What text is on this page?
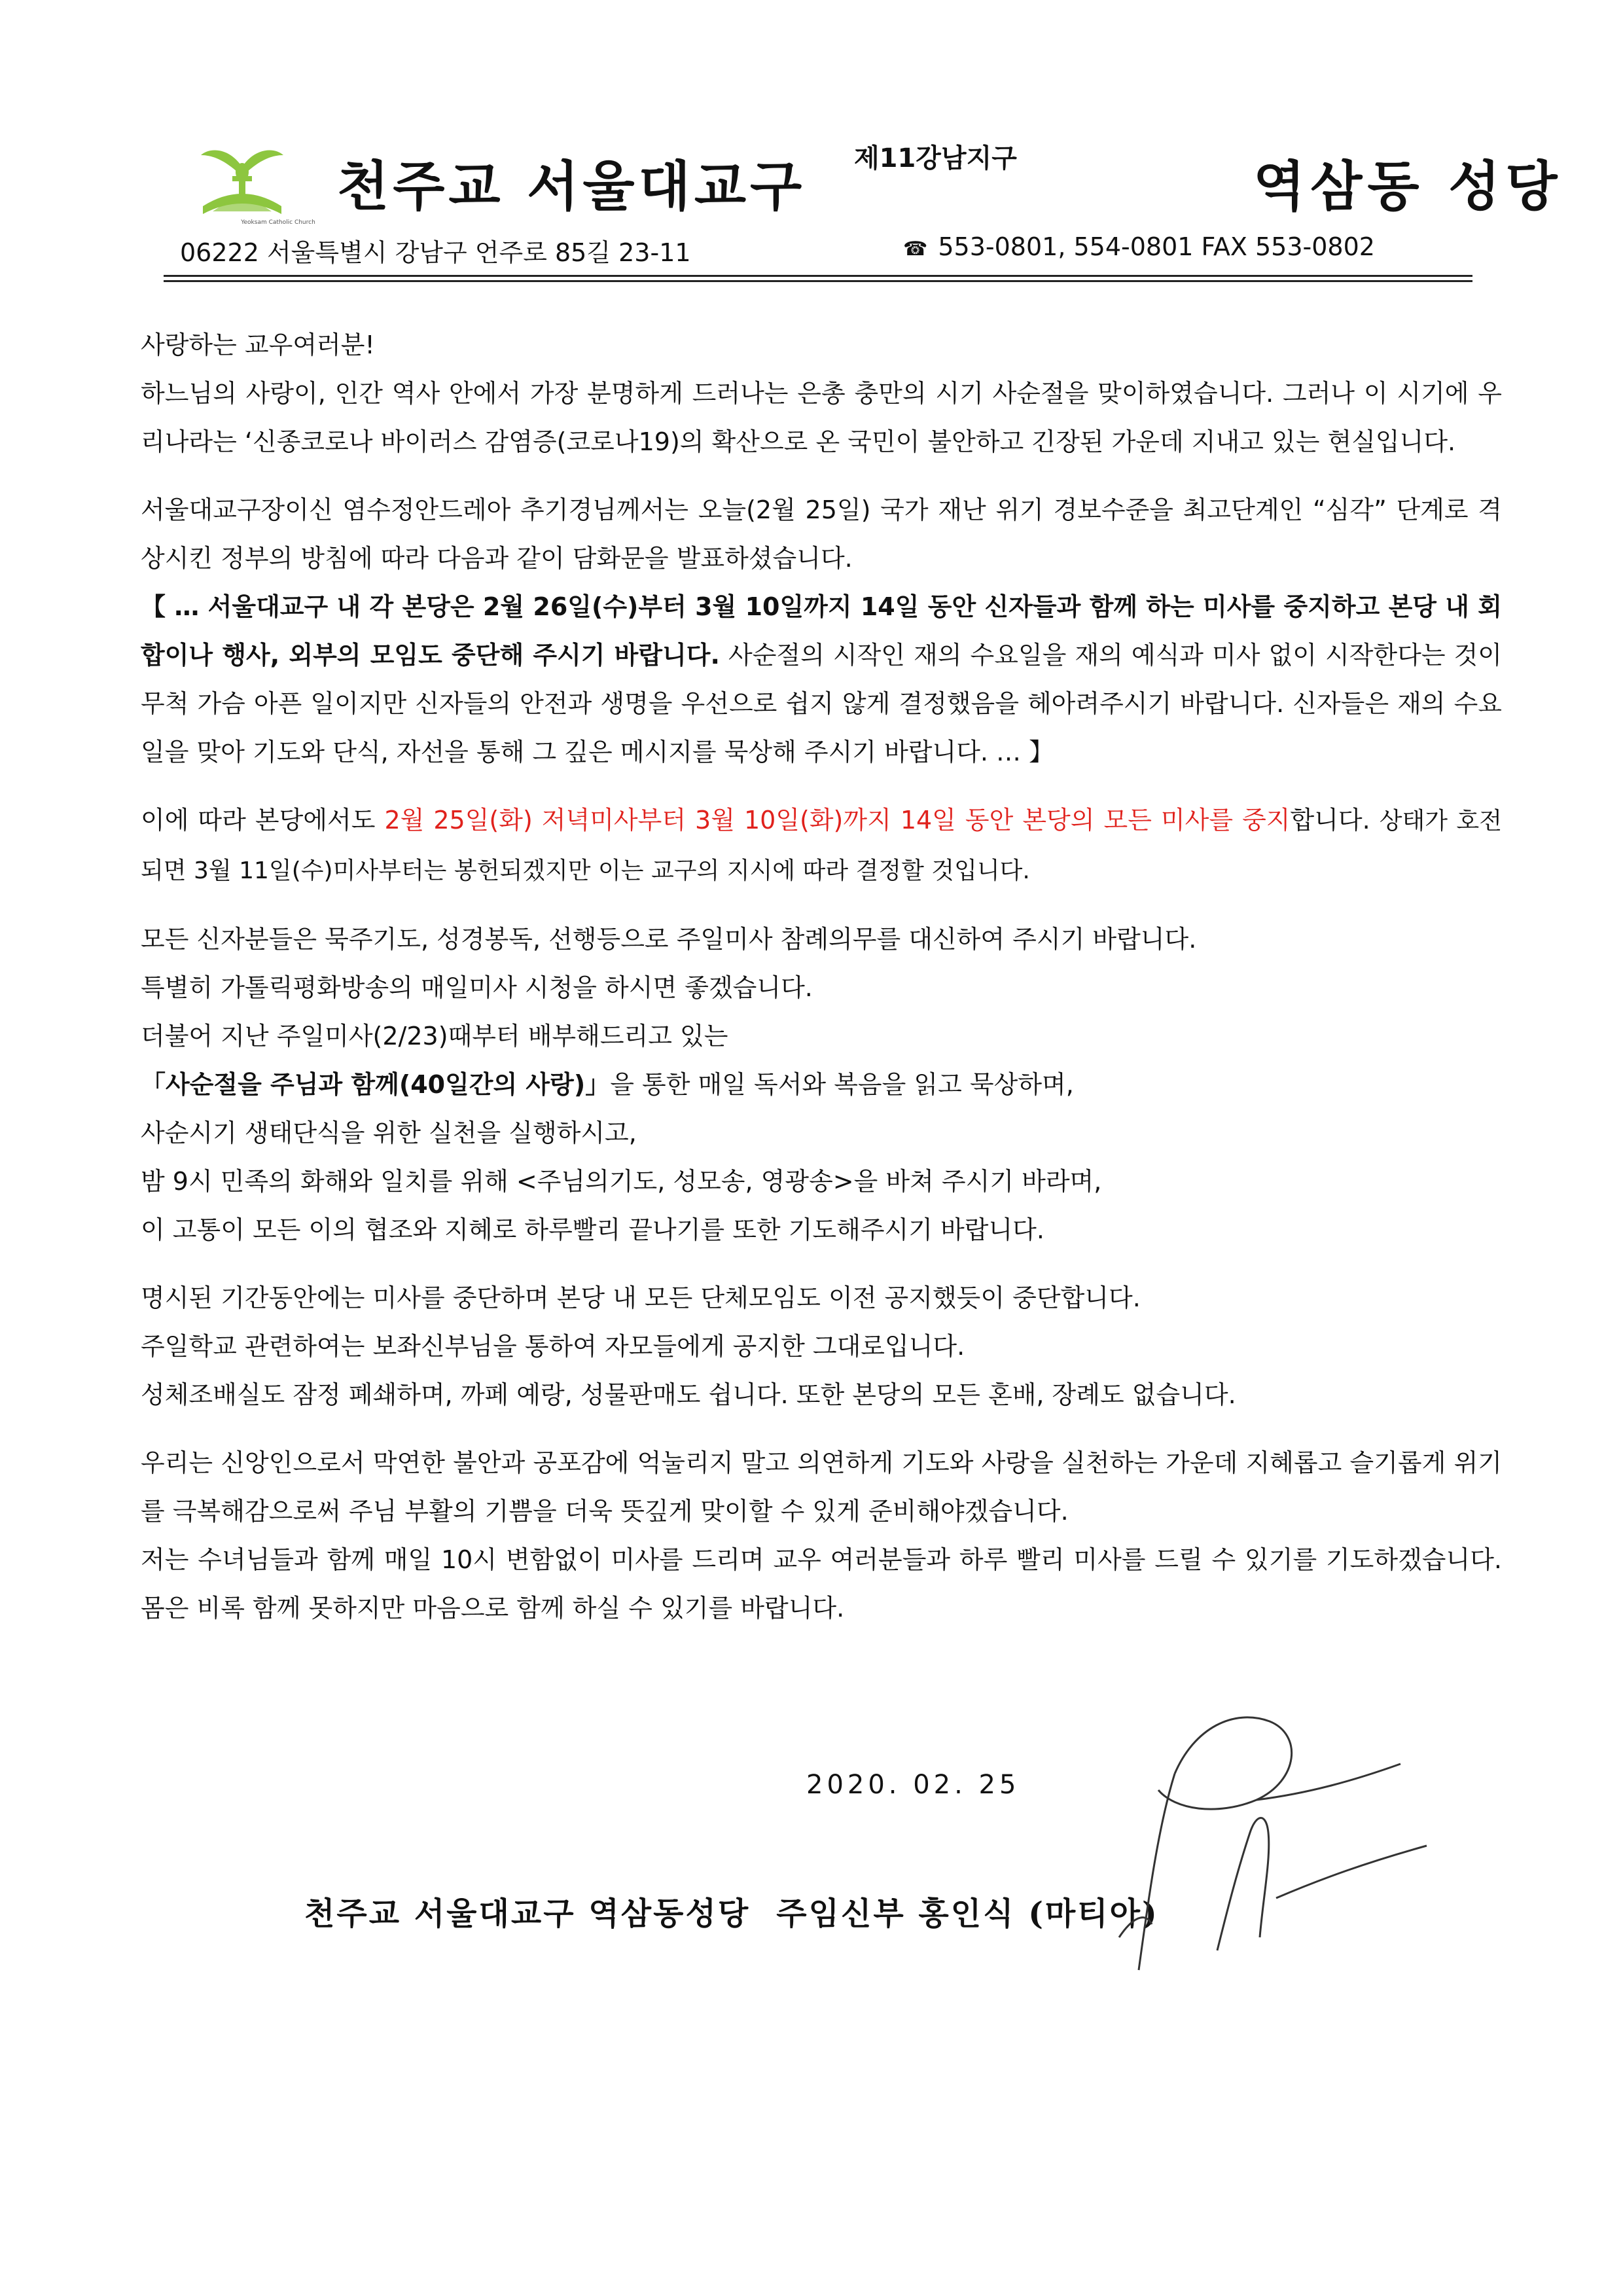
Yeoksam Catholic Church
천주교 서울대교구 제11강남지구	역삼동 성당
06222 서울특별시 강남구 언주로 85길 23-11	☎ 553-0801, 554-0801 FAX 553-0802

사랑하는 교우여러분!

하느님의 사랑이, 인간 역사 안에서 가장 분명하게 드러나는 은총 충만의 시기 사순절을 맞이하였습니다. 그러나 이 시기에 우리나라는 ‘신종코로나 바이러스 감염증(코로나19)의 확산으로 온 국민이 불안하고 긴장된 가운데 지내고 있는 현실입니다.

서울대교구장이신 염수정안드레아 추기경님께서는 오늘(2월 25일) 국가 재난 위기 경보수준을 최고단계인 “심각” 단계로 격상시킨 정부의 방침에 따라 다음과 같이 담화문을 발표하셨습니다.

【 … 서울대교구 내 각 본당은 2월 26일(수)부터 3월 10일까지 14일 동안 신자들과 함께 하는 미사를 중지하고 본당 내 회합이나 행사, 외부의 모임도 중단해 주시기 바랍니다. 사순절의 시작인 재의 수요일을 재의 예식과 미사 없이 시작한다는 것이 무척 가슴 아픈 일이지만 신자들의 안전과 생명을 우선으로 쉽지 않게 결정했음을 헤아려주시기 바랍니다. 신자들은 재의 수요일을 맞아 기도와 단식, 자선을 통해 그 깊은 메시지를 묵상해 주시기 바랍니다. … 】

이에 따라 본당에서도 2월 25일(화) 저녁미사부터 3월 10일(화)까지 14일 동안 본당의 모든 미사를 중지합니다. 상태가 호전되면 3월 11일(수)미사부터는 봉헌되겠지만 이는 교구의 지시에 따라 결정할 것입니다.

모든 신자분들은 묵주기도, 성경봉독, 선행등으로 주일미사 참례의무를 대신하여 주시기 바랍니다.

특별히 가톨릭평화방송의 매일미사 시청을 하시면 좋겠습니다.

더불어 지난 주일미사(2/23)때부터 배부해드리고 있는

「사순절을 주님과 함께(40일간의 사랑)」을 통한 매일 독서와 복음을 읽고 묵상하며,

사순시기 생태단식을 위한 실천을 실행하시고,

밤 9시 민족의 화해와 일치를 위해 <주님의기도, 성모송, 영광송>을 바쳐 주시기 바라며,

이 고통이 모든 이의 협조와 지혜로 하루빨리 끝나기를 또한 기도해주시기 바랍니다.

명시된 기간동안에는 미사를 중단하며 본당 내 모든 단체모임도 이전 공지했듯이 중단합니다.

주일학교 관련하여는 보좌신부님을 통하여 자모들에게 공지한 그대로입니다.

성체조배실도 잠정 폐쇄하며, 까페 예랑, 성물판매도 쉽니다. 또한 본당의 모든 혼배, 장례도 없습니다.

우리는 신앙인으로서 막연한 불안과 공포감에 억눌리지 말고 의연하게 기도와 사랑을 실천하는 가운데 지혜롭고 슬기롭게 위기를 극복해감으로써 주님 부활의 기쁨을 더욱 뜻깊게 맞이할 수 있게 준비해야겠습니다.

저는 수녀님들과 함께 매일 10시 변함없이 미사를 드리며 교우 여러분들과 하루 빨리 미사를 드릴 수 있기를 기도하겠습니다. 몸은 비록 함께 못하지만 마음으로 함께 하실 수 있기를 바랍니다.

2020. 02. 25
천주교 서울대교구 역삼동성당 주임신부 홍인식 (마티아)
